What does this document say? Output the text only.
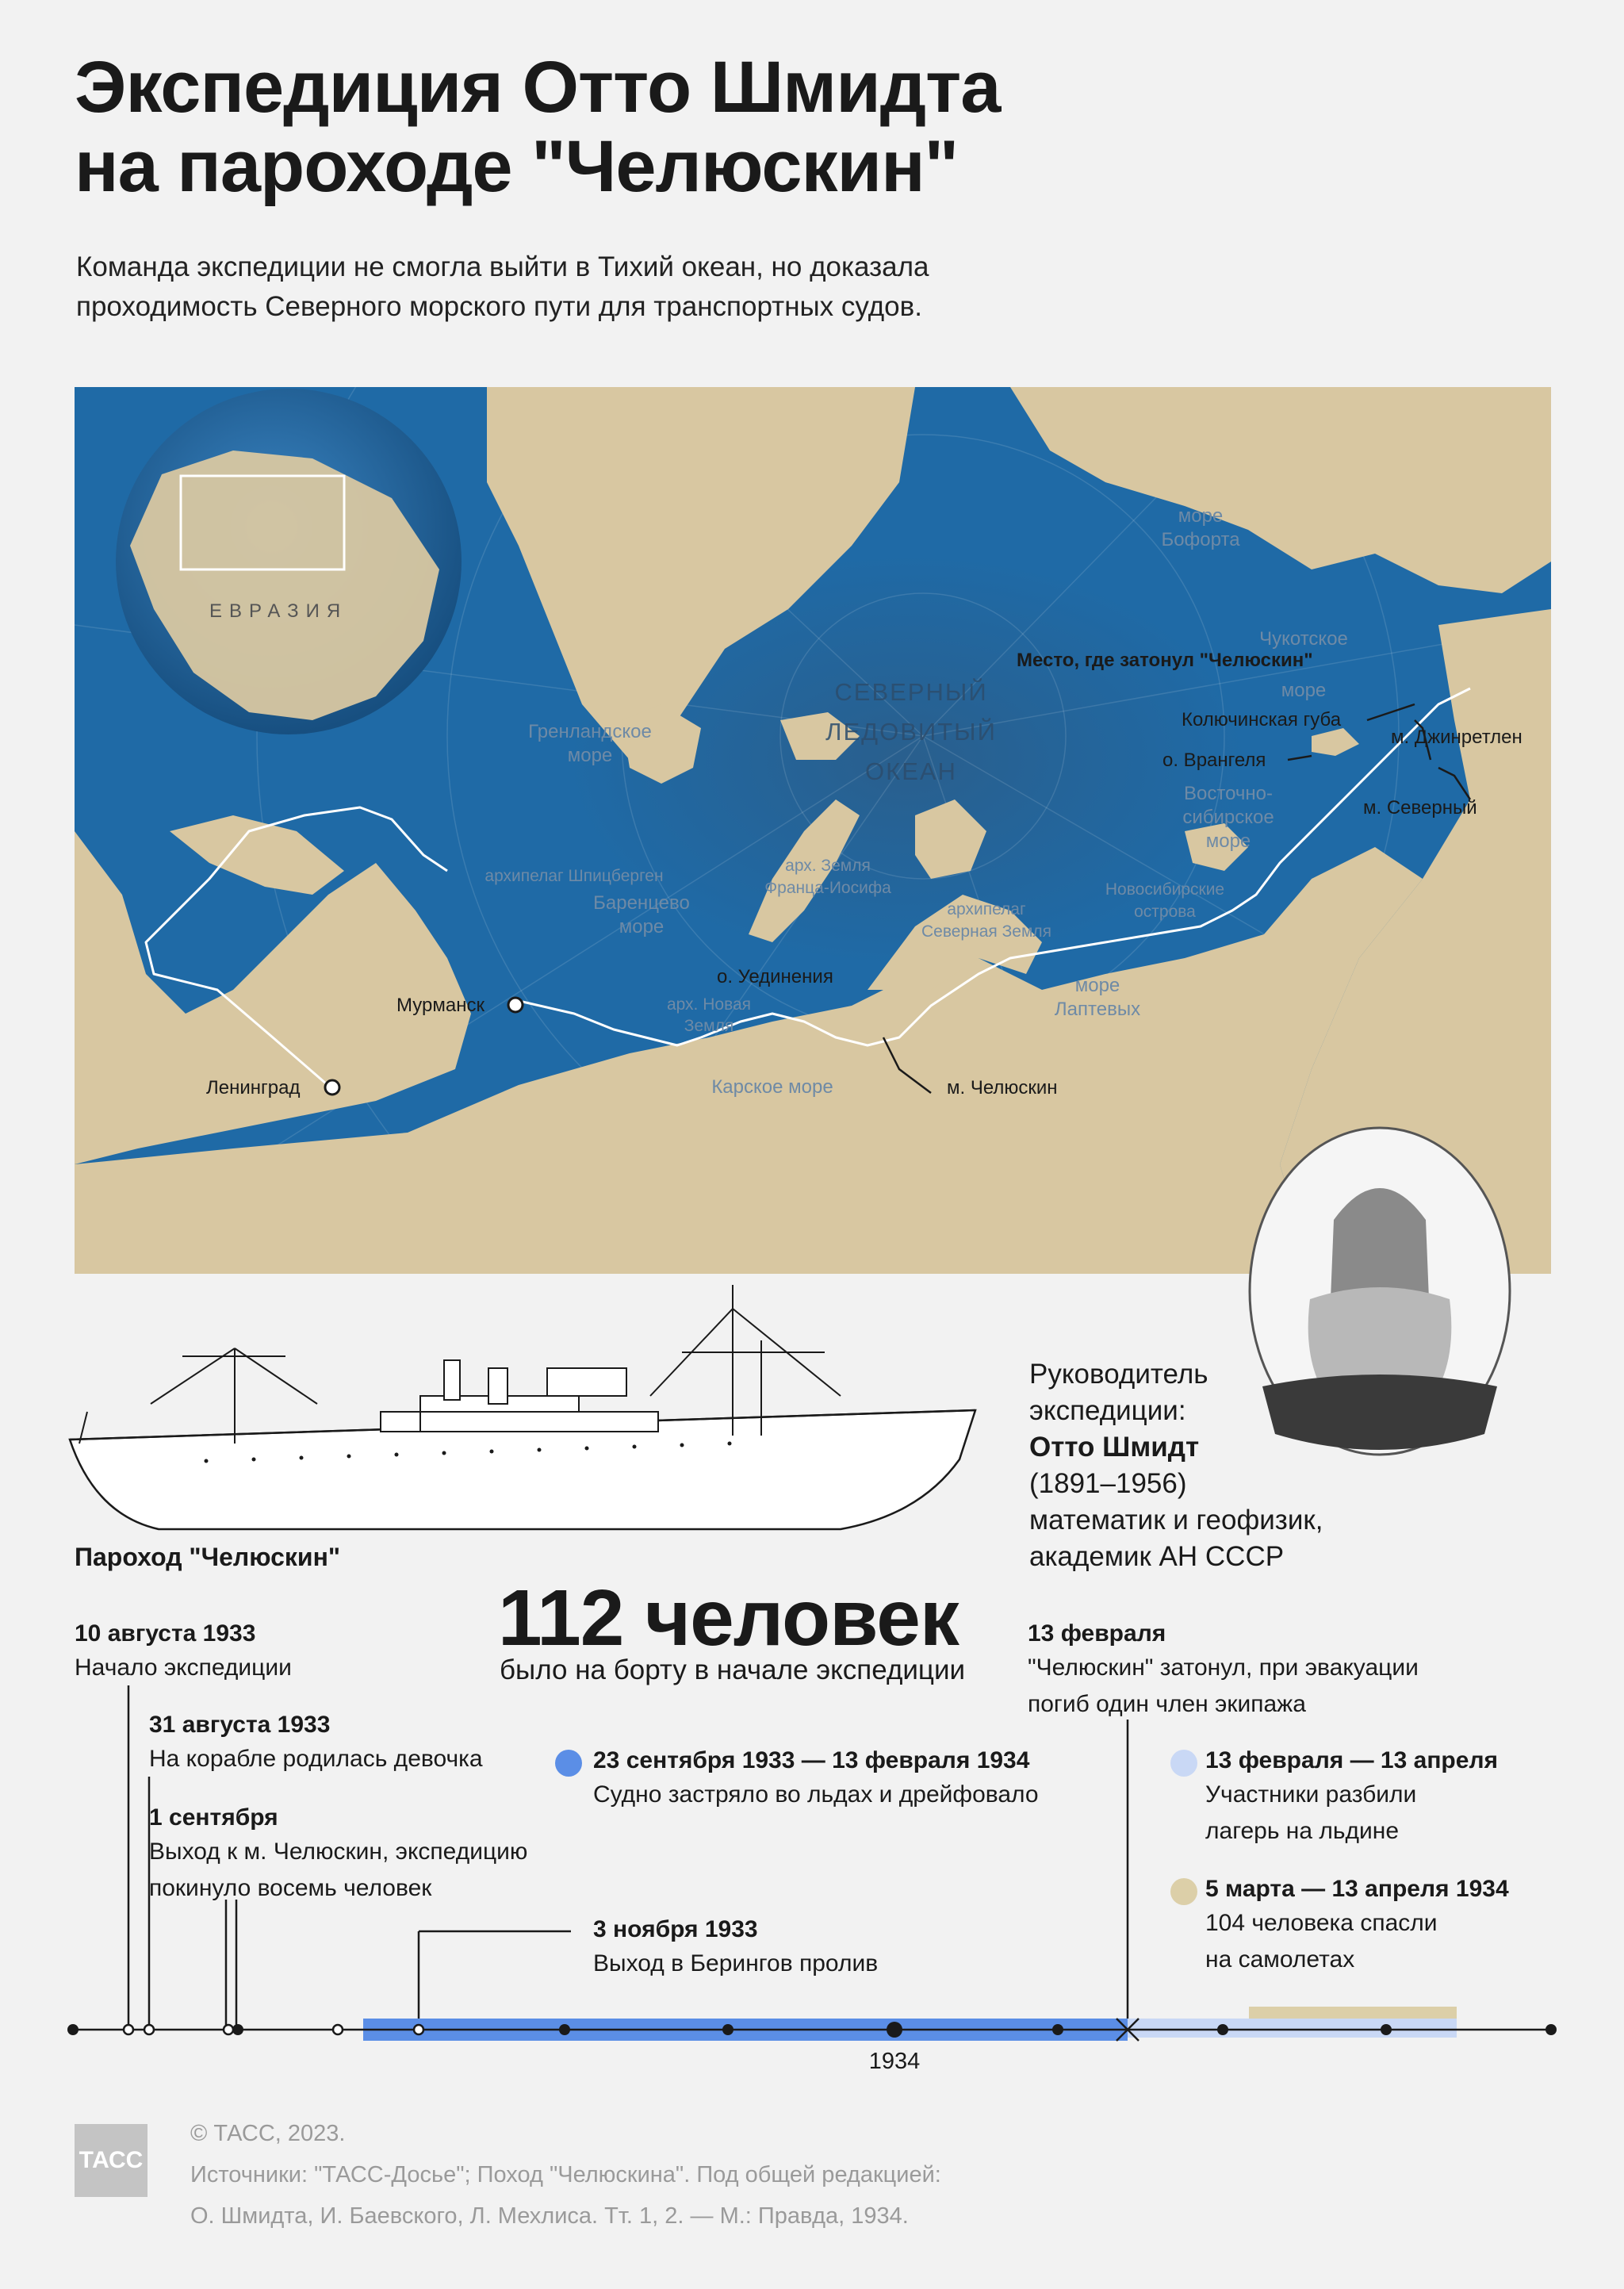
Экспедиция Отто Шмидта
на пароходе "Челюскин"
Команда экспедиции не смогла выйти в Тихий океан, но доказала
проходимость Северного морского пути для транспортных судов.
ЕВРАЗИЯ
СЕВЕРНЫЙ
ЛЕДОВИТЫЙ
ОКЕАН
море
Бофорта
Гренландское
море
Баренцево
море
Карское море
море
Лаптевых
Восточно-
сибирское
море
Чукотское
море
архипелаг Шпицберген
арх. Земля
Франца-Иосифа
архипелаг
Северная Земля
арх. Новая
Земля
Новосибирские
острова
Место, где затонул "Челюскин"
Колючинская губа
о. Врангеля
м. Джинретлен
м. Северный
о. Уединения
м. Челюскин
Мурманск
Ленинград
Пароход "Челюскин"
Руководитель
экспедиции:
Отто Шмидт
(1891–1956)
математик и геофизик,
академик АН СССР
112 человек
было на борту в начале экспедиции
10 августа 1933
Начало экспедиции
31 августа 1933
На корабле родилась девочка
1 сентября
Выход к м. Челюскин, экспедицию
покинуло восемь человек
23 сентября 1933 — 13 февраля 1934
Судно застряло во льдах и дрейфовало
3 ноября 1933
Выход в Берингов пролив
13 февраля
"Челюскин" затонул, при эвакуации
погиб один член экипажа
13 февраля — 13 апреля
Участники разбили
лагерь на льдине
5 марта — 13 апреля 1934
104 человека спасли
на самолетах
1934
ТАСС
© ТАСС, 2023.
Источники: "ТАСС-Досье"; Поход "Челюскина". Под общей редакцией:
О. Шмидта, И. Баевского, Л. Мехлиса. Тт. 1, 2. — М.: Правда, 1934.
